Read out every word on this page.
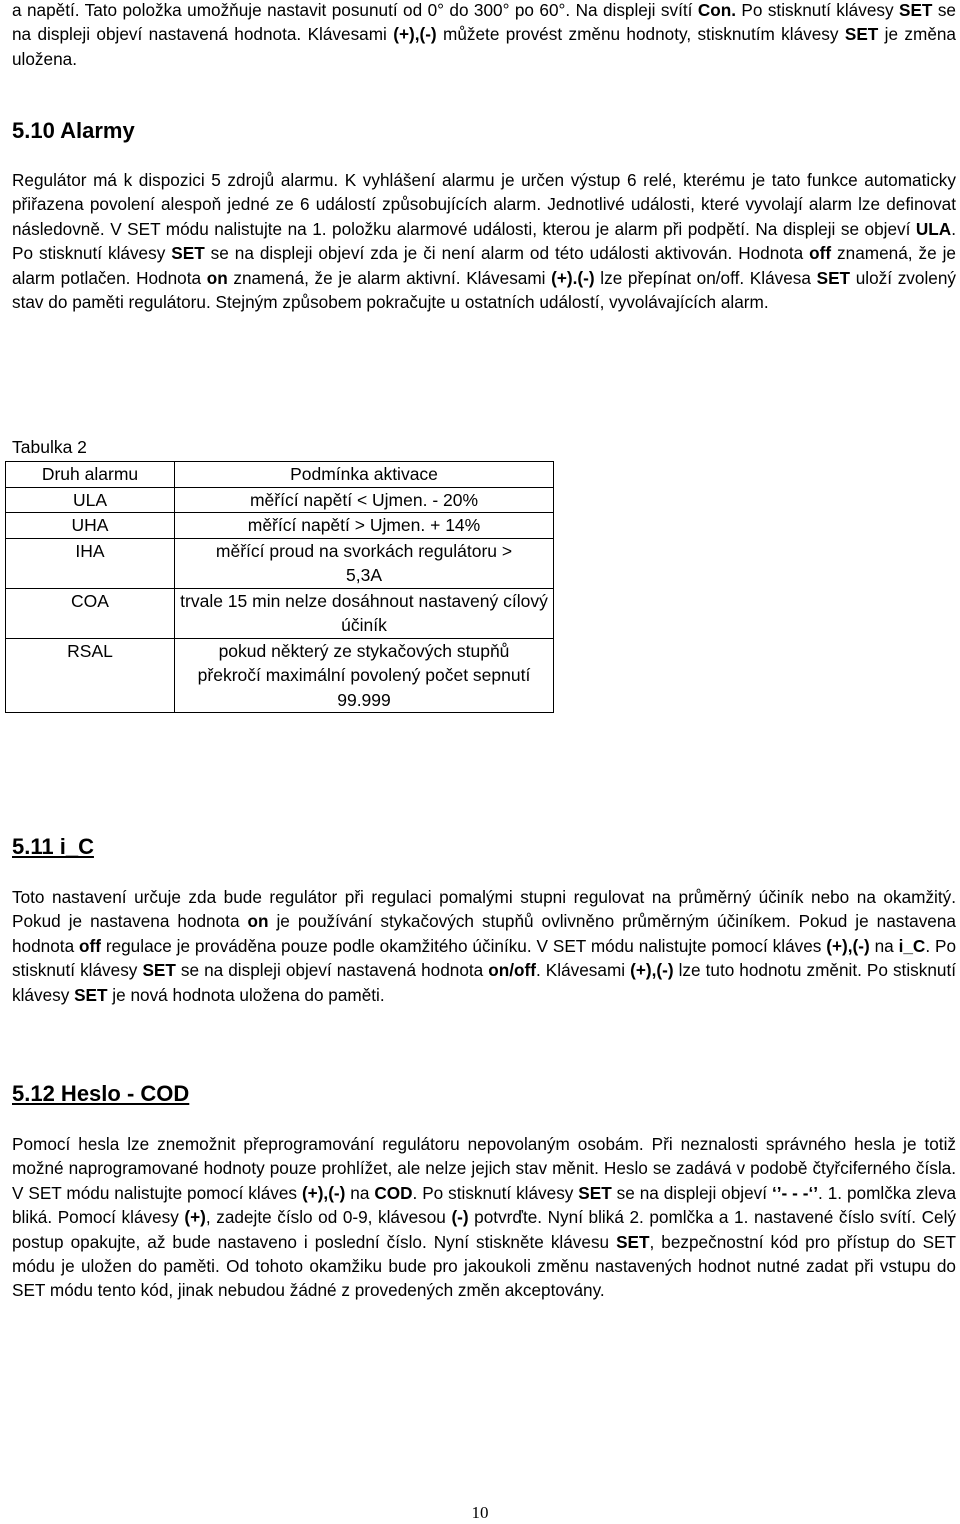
a napětí. Tato položka umožňuje nastavit posunutí od 0° do 300° po 60°. Na displeji svítí Con. Po stisknutí klávesy SET se na displeji objeví nastavená hodnota. Klávesami (+),(-) můžete provést změnu hodnoty, stisknutím klávesy SET je změna uložena.

5.10 Alarmy

Regulátor má k dispozici 5 zdrojů alarmu. K vyhlášení alarmu je určen výstup 6 relé, kterému je tato funkce automaticky přiřazena povolení alespoň jedné ze 6 událostí způsobujících alarm. Jednotlivé události, které vyvolají alarm lze definovat následovně. V SET módu nalistujte na 1. položku alarmové události, kterou je alarm při podpětí. Na displeji se objeví ULA. Po stisknutí klávesy SET se na displeji objeví zda je či není alarm od této události aktivován. Hodnota off znamená, že je alarm potlačen. Hodnota on znamená, že je alarm aktivní. Klávesami (+).(-) lze přepínat on/off. Klávesa SET uloží zvolený stav do paměti regulátoru. Stejným způsobem pokračujte u ostatních událostí, vyvolávajících alarm.

Tabulka 2

Druh alarmu	Podmínka aktivace
ULA	měřící napětí < Ujmen. - 20%
UHA	měřící napětí > Ujmen. + 14%
IHA	měřící proud na svorkách regulátoru > 5,3A
COA	trvale 15 min nelze dosáhnout nastavený cílový účiník
RSAL	pokud některý ze stykačových stupňů překročí maximální povolený počet sepnutí 99.999
5.11 i_C

Toto nastavení určuje zda bude regulátor při regulaci pomalými stupni regulovat na průměrný účiník nebo na okamžitý. Pokud je nastavena hodnota on je používání stykačových stupňů ovlivněno průměrným účiníkem. Pokud je nastavena hodnota off regulace je prováděna pouze podle okamžitého účiníku. V SET módu nalistujte pomocí kláves (+),(-) na i_C. Po stisknutí klávesy SET se na displeji objeví nastavená hodnota on/off. Klávesami (+),(-) lze tuto hodnotu změnit. Po stisknutí klávesy SET je nová hodnota uložena do paměti.

5.12 Heslo - COD

Pomocí hesla lze znemožnit přeprogramování regulátoru nepovolaným osobám. Při neznalosti správného hesla je totiž možné naprogramované hodnoty pouze prohlížet, ale nelze jejich stav měnit. Heslo se zadává v podobě čtyřciferného čísla. V SET módu nalistujte pomocí kláves (+),(-) na COD. Po stisknutí klávesy SET se na displeji objeví ‘’- - -‘’. 1. pomlčka zleva bliká. Pomocí klávesy (+), zadejte číslo od 0-9, klávesou (-) potvrďte. Nyní bliká 2. pomlčka a 1. nastavené číslo svítí. Celý postup opakujte, až bude nastaveno i poslední číslo. Nyní stiskněte klávesu SET, bezpečnostní kód pro přístup do SET módu je uložen do paměti. Od tohoto okamžiku bude pro jakoukoli změnu nastavených hodnot nutné zadat při vstupu do SET módu tento kód, jinak nebudou žádné z provedených změn akceptovány.

10
